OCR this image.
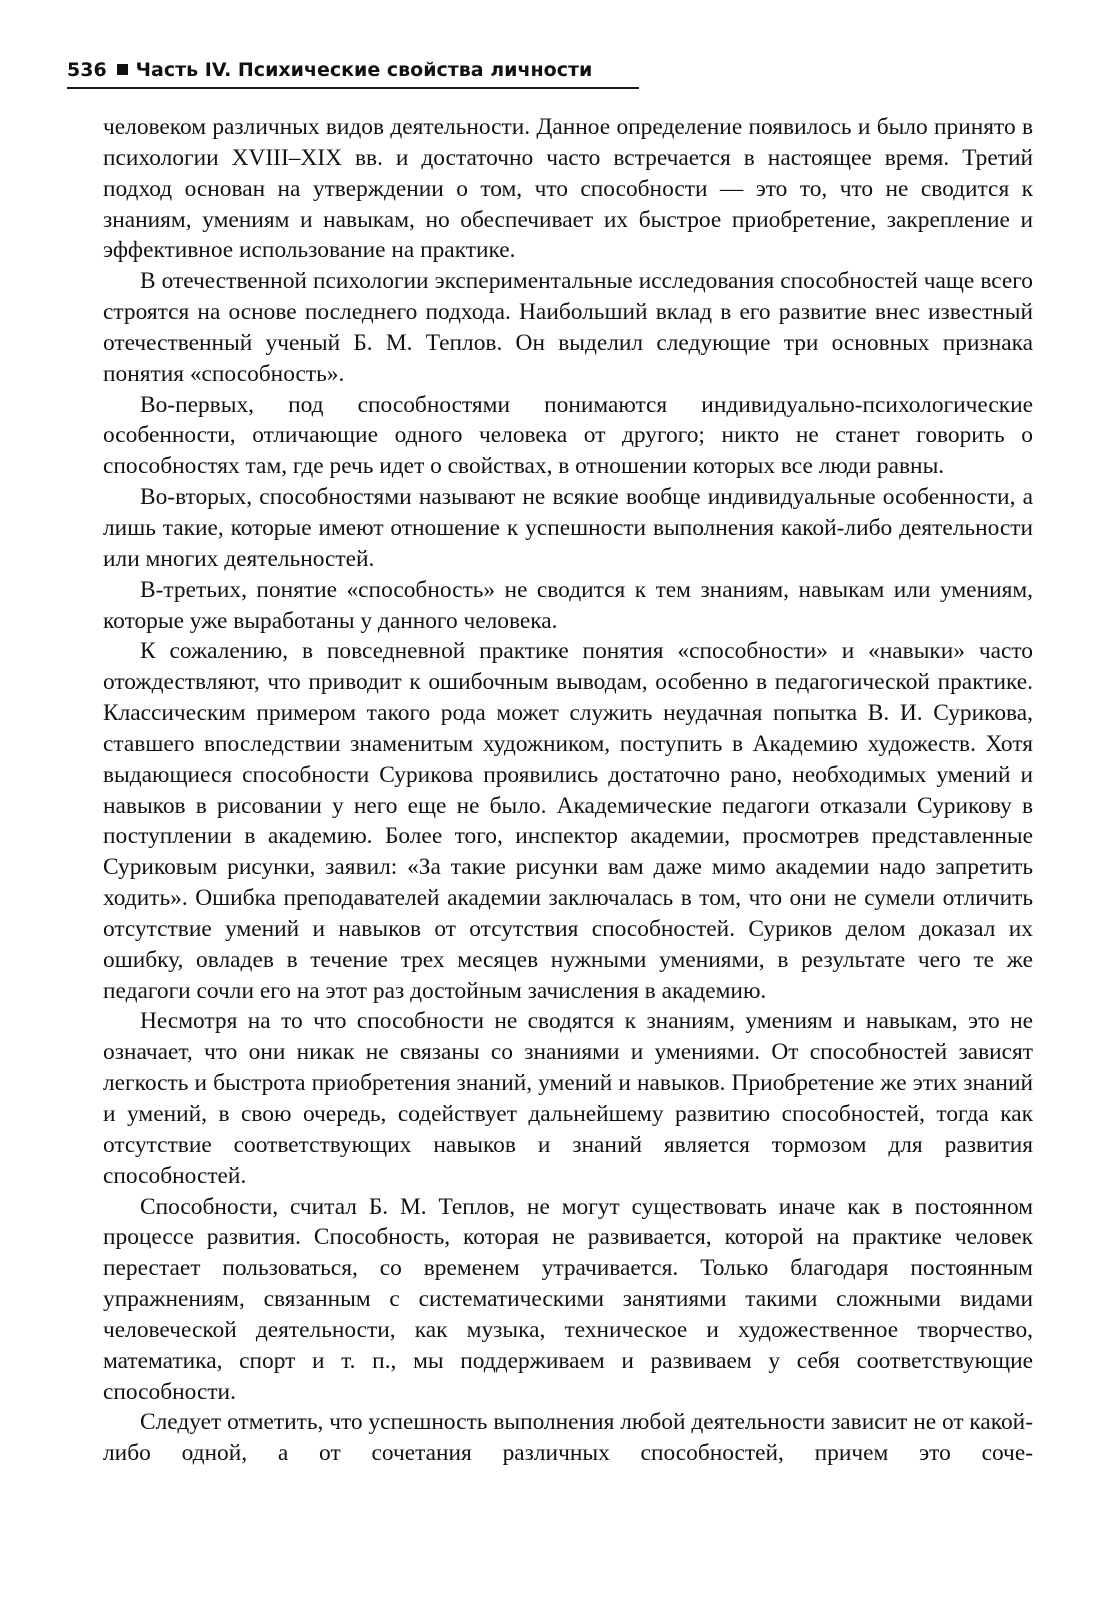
536 Часть IV. Психические свойства личности

человеком различных видов деятельности. Данное определение появилось и было принято в психологии XVIII–XIX вв. и достаточно часто встречается в настоящее время. Третий подход основан на утверждении о том, что способности — это то, что не сводится к знаниям, умениям и навыкам, но обеспечивает их быстрое приобретение, закрепление и эффективное использование на практике.

В отечественной психологии экспериментальные исследования способностей чаще всего строятся на основе последнего подхода. Наибольший вклад в его развитие внес известный отечественный ученый Б. М. Теплов. Он выделил следующие три основных признака понятия «способность».

Во-первых, под способностями понимаются индивидуально-психологические особенности, отличающие одного человека от другого; никто не станет говорить о способностях там, где речь идет о свойствах, в отношении которых все люди равны.

Во-вторых, способностями называют не всякие вообще индивидуальные особенности, а лишь такие, которые имеют отношение к успешности выполнения какой-либо деятельности или многих деятельностей.

В-третьих, понятие «способность» не сводится к тем знаниям, навыкам или умениям, которые уже выработаны у данного человека.

К сожалению, в повседневной практике понятия «способности» и «навыки» часто отождествляют, что приводит к ошибочным выводам, особенно в педагогической практике. Классическим примером такого рода может служить неудачная попытка В. И. Сурикова, ставшего впоследствии знаменитым художником, поступить в Академию художеств. Хотя выдающиеся способности Сурикова проявились достаточно рано, необходимых умений и навыков в рисовании у него еще не было. Академические педагоги отказали Сурикову в поступлении в академию. Более того, инспектор академии, просмотрев представленные Суриковым рисунки, заявил: «За такие рисунки вам даже мимо академии надо запретить ходить». Ошибка преподавателей академии заключалась в том, что они не сумели отличить отсутствие умений и навыков от отсутствия способностей. Суриков делом доказал их ошибку, овладев в течение трех месяцев нужными умениями, в результате чего те же педагоги сочли его на этот раз достойным зачисления в академию.

Несмотря на то что способности не сводятся к знаниям, умениям и навыкам, это не означает, что они никак не связаны со знаниями и умениями. От способностей зависят легкость и быстрота приобретения знаний, умений и навыков. Приобретение же этих знаний и умений, в свою очередь, содействует дальнейшему развитию способностей, тогда как отсутствие соответствующих навыков и знаний является тормозом для развития способностей.

Способности, считал Б. М. Теплов, не могут существовать иначе как в постоянном процессе развития. Способность, которая не развивается, которой на практике человек перестает пользоваться, со временем утрачивается. Только благодаря постоянным упражнениям, связанным с систематическими занятиями такими сложными видами человеческой деятельности, как музыка, техническое и художественное творчество, математика, спорт и т. п., мы поддерживаем и развиваем у себя соответствующие способности.

Следует отметить, что успешность выполнения любой деятельности зависит не от какой-либо одной, а от сочетания различных способностей, причем это соче-
